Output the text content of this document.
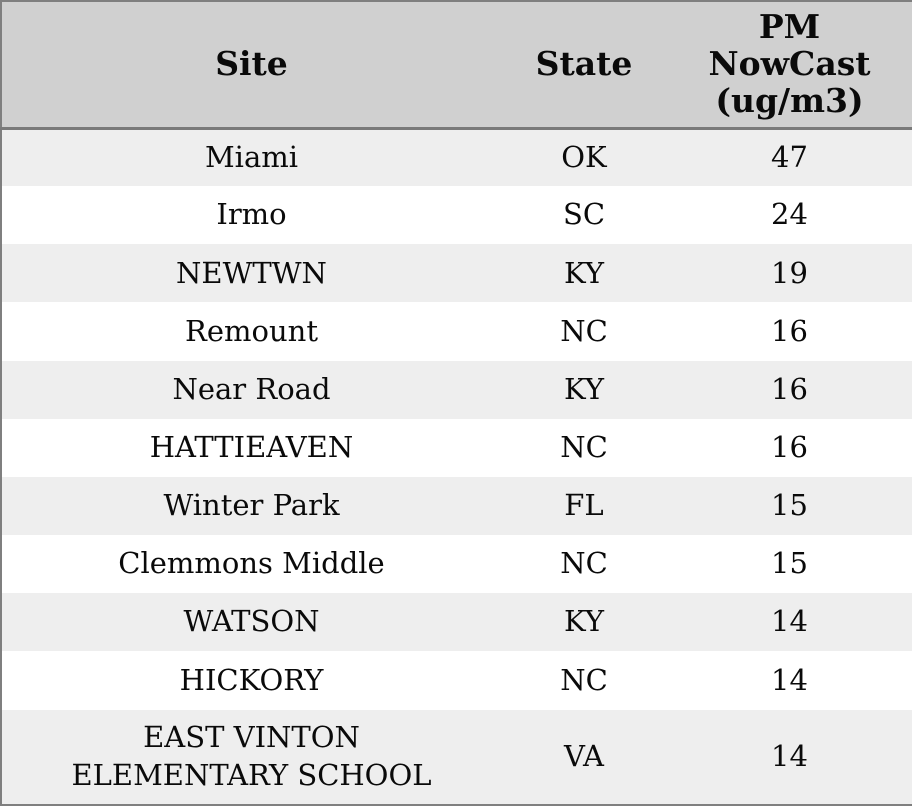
Site	State	PM
NowCast
(ug/m3)

Miami	OK	47
Irmo	SC	24
NEWTWN	KY	19
Remount	NC	16
Near Road	KY	16
HATTIEAVEN	NC	16
Winter Park	FL	15
Clemmons Middle	NC	15
WATSON	KY	14
HICKORY	NC	14
EAST VINTON ELEMENTARY SCHOOL	VA	14
